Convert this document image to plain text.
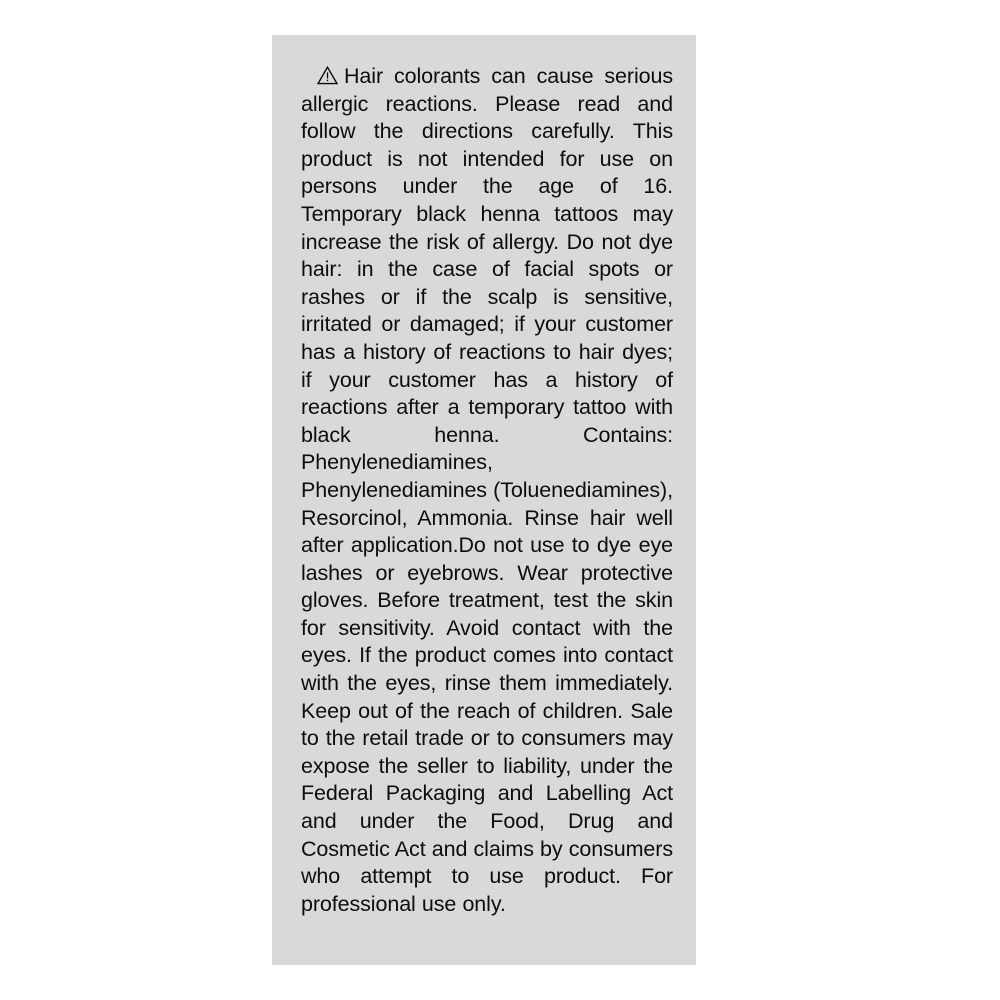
Hair colorants can cause serious allergic reactions. Please read and follow the directions carefully. This product is not intended for use on persons under the age of 16. Temporary black henna tattoos may increase the risk of allergy. Do not dye hair: in the case of facial spots or rashes or if the scalp is sensitive, irritated or damaged; if your customer has a history of reactions to hair dyes; if your customer has a history of reactions after a temporary tattoo with black henna. Contains: Phenylenediamines, Phenylenediamines (Toluenediamines), Resorcinol, Ammonia. Rinse hair well after application.Do not use to dye eye lashes or eyebrows. Wear protective gloves. Before treatment, test the skin for sensitivity. Avoid contact with the eyes. If the product comes into contact with the eyes, rinse them immediately. Keep out of the reach of children. Sale to the retail trade or to consumers may expose the seller to liability, under the Federal Packaging and Labelling Act and under the Food, Drug and Cosmetic Act and claims by consumers who attempt to use product. For professional use only.
